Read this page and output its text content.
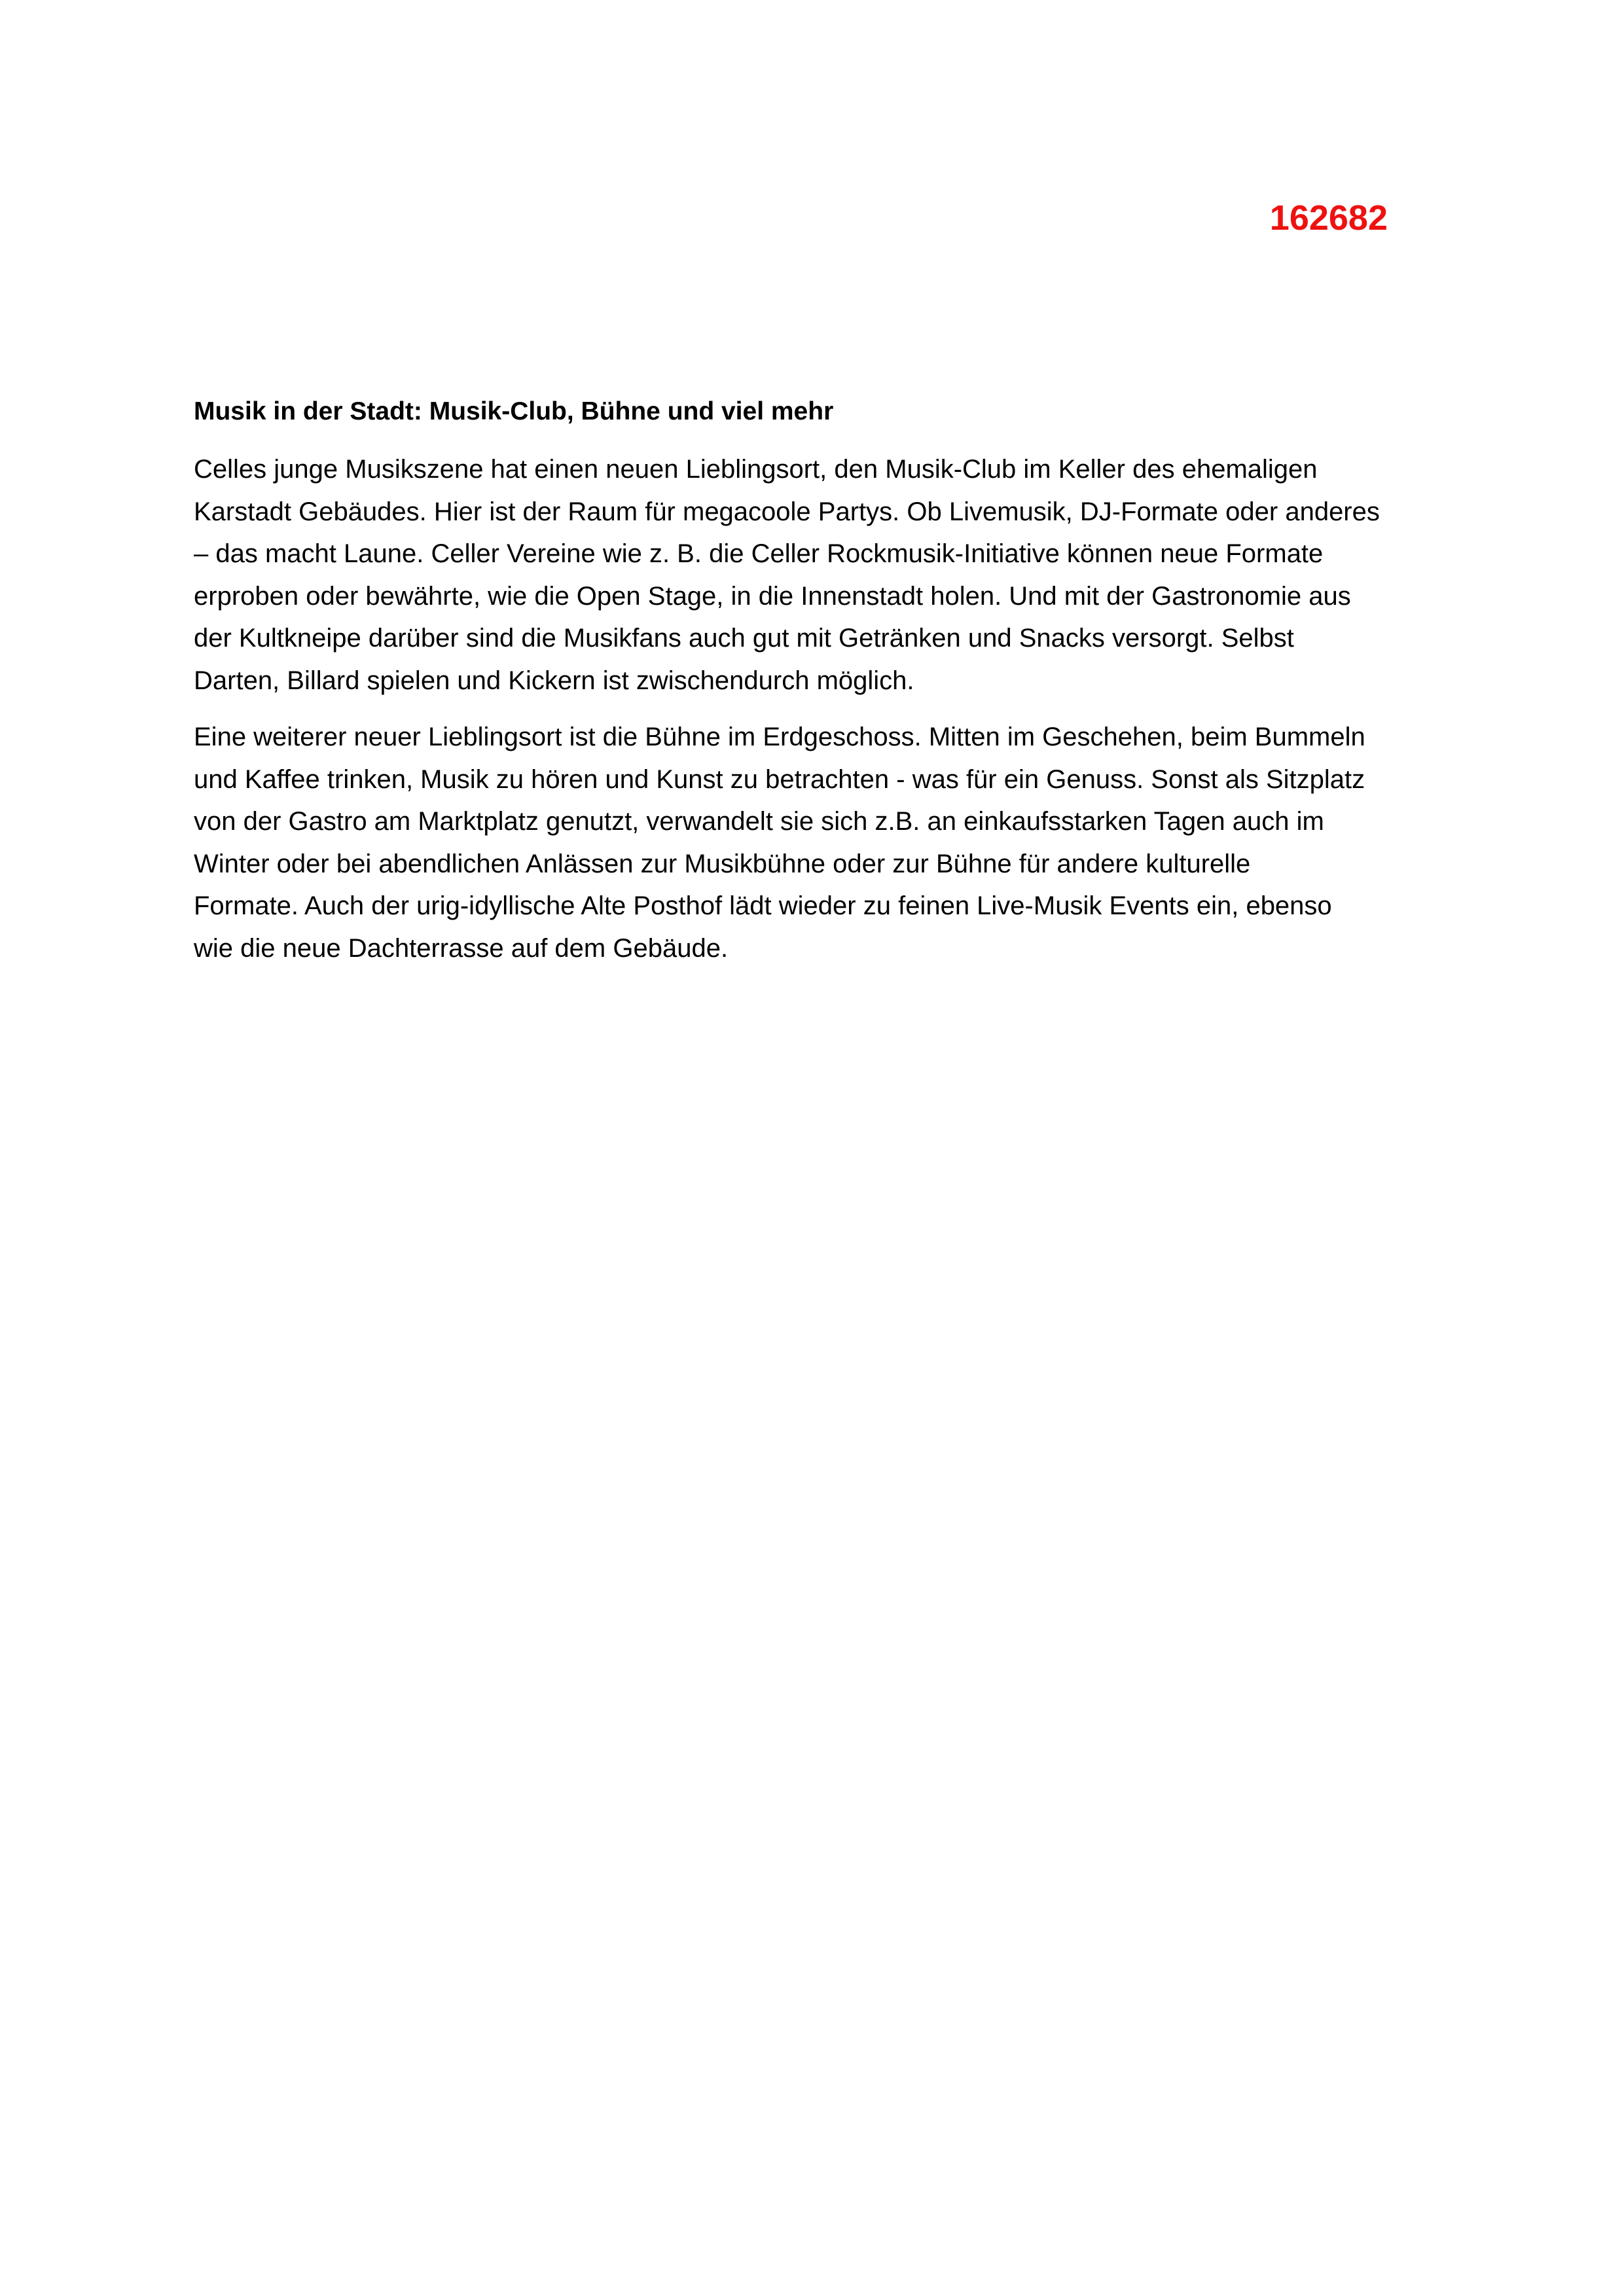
162682

Musik in der Stadt: Musik-Club, Bühne und viel mehr

Celles junge Musikszene hat einen neuen Lieblingsort, den Musik-Club im Keller des ehemaligen
Karstadt Gebäudes. Hier ist der Raum für megacoole Partys. Ob Livemusik, DJ-Formate oder anderes
– das macht Laune. Celler Vereine wie z. B. die Celler Rockmusik-Initiative können neue Formate
erproben oder bewährte, wie die Open Stage, in die Innenstadt holen. Und mit der Gastronomie aus
der Kultkneipe darüber sind die Musikfans auch gut mit Getränken und Snacks versorgt. Selbst
Darten, Billard spielen und Kickern ist zwischendurch möglich.

Eine weiterer neuer Lieblingsort ist die Bühne im Erdgeschoss. Mitten im Geschehen, beim Bummeln
und Kaffee trinken, Musik zu hören und Kunst zu betrachten - was für ein Genuss. Sonst als Sitzplatz
von der Gastro am Marktplatz genutzt, verwandelt sie sich z.B. an einkaufsstarken Tagen auch im
Winter oder bei abendlichen Anlässen zur Musikbühne oder zur Bühne für andere kulturelle
Formate. Auch der urig-idyllische Alte Posthof lädt wieder zu feinen Live-Musik Events ein, ebenso
wie die neue Dachterrasse auf dem Gebäude.
